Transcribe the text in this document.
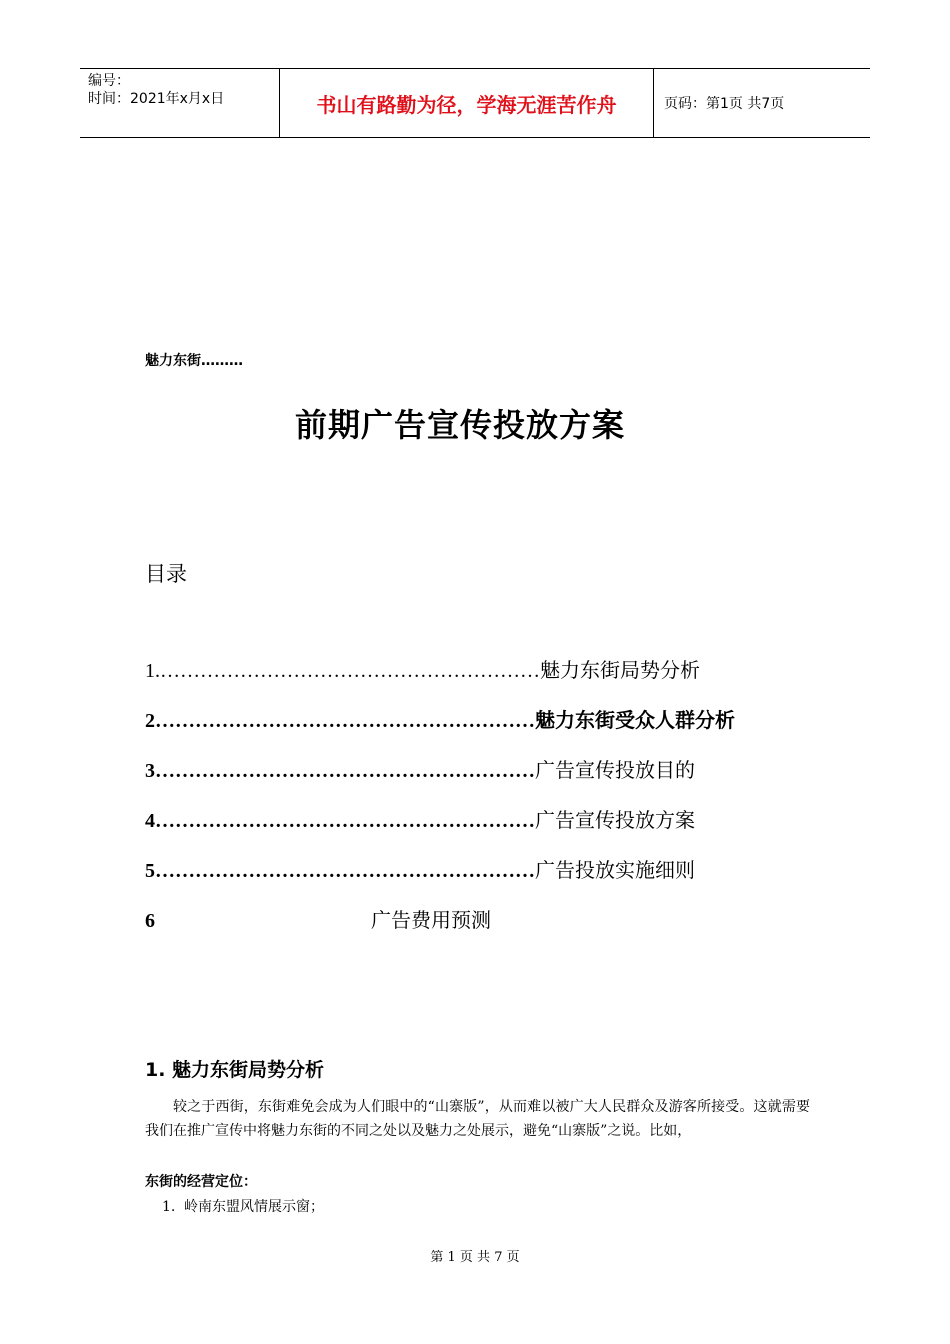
编号：
时间：2021年x月x日	书山有路勤为径，学海无涯苦作舟	页码：第1页 共7页
魅力东街………
前期广告宣传投放方案
目录
1.…………………………………………………魅力东街局势分析
2…………………………………………………魅力东街受众人群分析
3…………………………………………………广告宣传投放目的
4…………………………………………………广告宣传投放方案
5…………………………………………………广告投放实施细则
6	广告费用预测
1. 魅力东街局势分析
较之于西街，东街难免会成为人们眼中的“山寨版”，从而难以被广大人民群众及游客所接受。这就需要我们在推广宣传中将魅力东街的不同之处以及魅力之处展示，避免“山寨版”之说。比如，
东街的经营定位：
1. 岭南东盟风情展示窗；
第 1 页 共 7 页
